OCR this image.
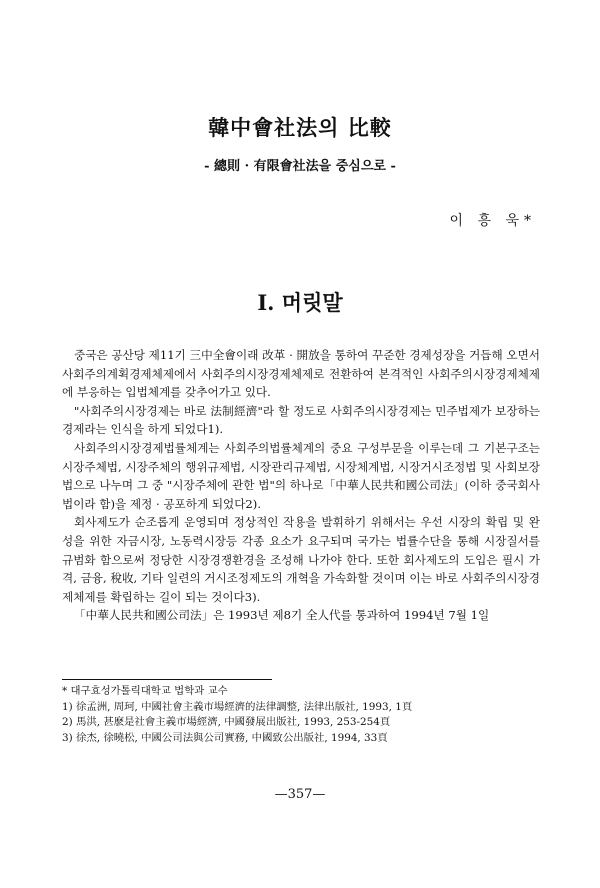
韓中會社法의 比較

- 總則 · 有限會社法을 중심으로 -

이 흥 욱*

Ⅰ. 머릿말

중국은 공산당 제11기 三中全會이래 改革 · 開放을 통하여 꾸준한 경제성장을 거듭해 오면서 사회주의계획경제체제에서 사회주의시장경제체제로 전환하여 본격적인 사회주의시장경제체제에 부응하는 입법체계를 갖추어가고 있다.

"사회주의시장경제는 바로 法制經濟"라 할 정도로 사회주의시장경제는 민주법제가 보장하는 경제라는 인식을 하게 되었다1).

사회주의시장경제법률체계는 사회주의법률체계의 중요 구성부문을 이루는데 그 기본구조는 시장주체법, 시장주체의 행위규제법, 시장관리규제법, 시장체계법, 시장거시조정법 및 사회보장법으로 나누며 그 중 "시장주체에 관한 법"의 하나로「中華人民共和國公司法」(이하 중국회사법이라 함)을 제정 · 공포하게 되었다2).

회사제도가 순조롭게 운영되며 정상적인 작용을 발휘하기 위해서는 우선 시장의 확립 및 완성을 위한 자금시장, 노동력시장등 각종 요소가 요구되며 국가는 법률수단을 통해 시장질서를 규범화 함으로써 정당한 시장경쟁환경을 조성해 나가야 한다. 또한 회사제도의 도입은 필시 가격, 금융, 稅收, 기타 일련의 거시조정제도의 개혁을 가속화할 것이며 이는 바로 사회주의시장경제체제를 확립하는 길이 되는 것이다3).

「中華人民共和國公司法」은 1993년 제8기 全人代를 통과하여 1994년 7월 1일

* 대구효성가톨릭대학교 법학과 교수

1) 徐孟洲, 周珂, 中國社會主義市場經濟的法律調整, 法律出版社, 1993, 1頁

2) 馬洪, 甚麽是社會主義市場經濟, 中國發展出版社, 1993, 253-254頁

3) 徐杰, 徐曉松, 中國公司法與公司實務, 中國致公出版社, 1994, 33頁

—357—
